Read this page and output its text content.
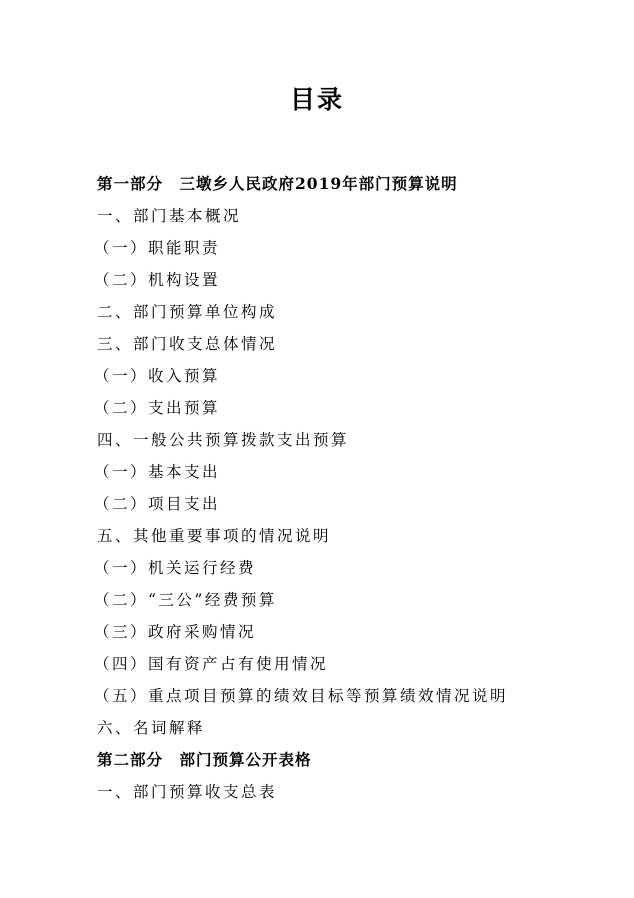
目录
第一部分　三墩乡人民政府2019年部门预算说明
一、部门基本概况
（一）职能职责
（二）机构设置
二、部门预算单位构成
三、部门收支总体情况
（一）收入预算
（二）支出预算
四、一般公共预算拨款支出预算
（一）基本支出
（二）项目支出
五、其他重要事项的情况说明
（一）机关运行经费
（二）“三公”经费预算
（三）政府采购情况
（四）国有资产占有使用情况
（五）重点项目预算的绩效目标等预算绩效情况说明
六、名词解释
第二部分　部门预算公开表格
一、部门预算收支总表
